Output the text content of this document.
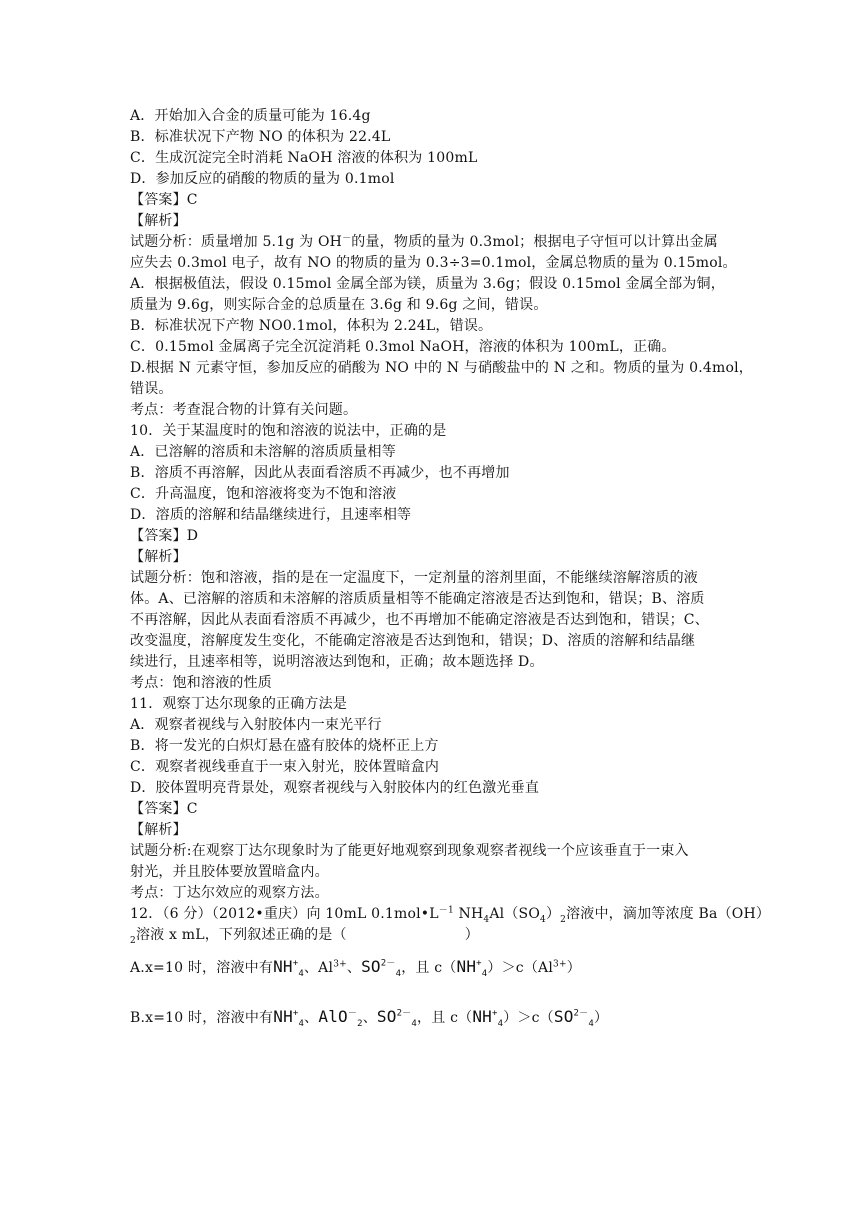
A．开始加入合金的质量可能为 16.4g
B．标准状况下产物 NO 的体积为 22.4L
C．生成沉淀完全时消耗 NaOH 溶液的体积为 100mL
D．参加反应的硝酸的物质的量为 0.1mol
【答案】C
【解析】
试题分析：质量增加 5.1g 为 OH－的量，物质的量为 0.3mol；根据电子守恒可以计算出金属
应失去 0.3mol 电子，故有 NO 的物质的量为 0.3÷3=0.1mol，金属总物质的量为 0.15mol。
A．根据极值法，假设 0.15mol 金属全部为镁，质量为 3.6g；假设 0.15mol 金属全部为铜，
质量为 9.6g，则实际合金的总质量在 3.6g 和 9.6g 之间，错误。
B．标准状况下产物 NO0.1mol，体积为 2.24L，错误。
C．0.15mol 金属离子完全沉淀消耗 0.3mol NaOH，溶液的体积为 100mL，正确。
D.根据 N 元素守恒，参加反应的硝酸为 NO 中的 N 与硝酸盐中的 N 之和。物质的量为 0.4mol，
错误。
考点：考查混合物的计算有关问题。
10．关于某温度时的饱和溶液的说法中，正确的是
A．已溶解的溶质和未溶解的溶质质量相等
B．溶质不再溶解，因此从表面看溶质不再减少，也不再增加
C．升高温度，饱和溶液将变为不饱和溶液
D．溶质的溶解和结晶继续进行，且速率相等
【答案】D
【解析】
试题分析：饱和溶液，指的是在一定温度下，一定剂量的溶剂里面，不能继续溶解溶质的液
体。A、已溶解的溶质和未溶解的溶质质量相等不能确定溶液是否达到饱和，错误；B、溶质
不再溶解，因此从表面看溶质不再减少，也不再增加不能确定溶液是否达到饱和，错误；C、
改变温度，溶解度发生变化，不能确定溶液是否达到饱和，错误；D、溶质的溶解和结晶继
续进行，且速率相等，说明溶液达到饱和，正确；故本题选择 D。
考点：饱和溶液的性质
11．观察丁达尔现象的正确方法是
A．观察者视线与入射胶体内一束光平行
B．将一发光的白炽灯悬在盛有胶体的烧杯正上方
C．观察者视线垂直于一束入射光，胶体置暗盒内
D．胶体置明亮背景处，观察者视线与入射胶体内的红色激光垂直
【答案】C
【解析】
试题分析:在观察丁达尔现象时为了能更好地观察到现象观察者视线一个应该垂直于一束入
射光，并且胶体要放置暗盒内。
考点：丁达尔效应的观察方法。
12．（6 分）（2012•重庆）向 10mL $0.1mol•L^{-1}$ $NH_4Al(SO_4)_2$溶液中，滴加等浓度 Ba（OH）
$_2$溶液 x mL，下列叙述正确的是（	）
A.x=10 时，溶液中有$NH^+_4$、$Al^{3+}$、$SO^{2-}_4$，且 $c(NH^+_4)>c(Al^{3+})$
B.x=10 时，溶液中有$NH^+_4$、AlO－$_2$、$SO^{2-}_4$，且 $c(NH^+_4)>c(SO^{2-}_4)$
